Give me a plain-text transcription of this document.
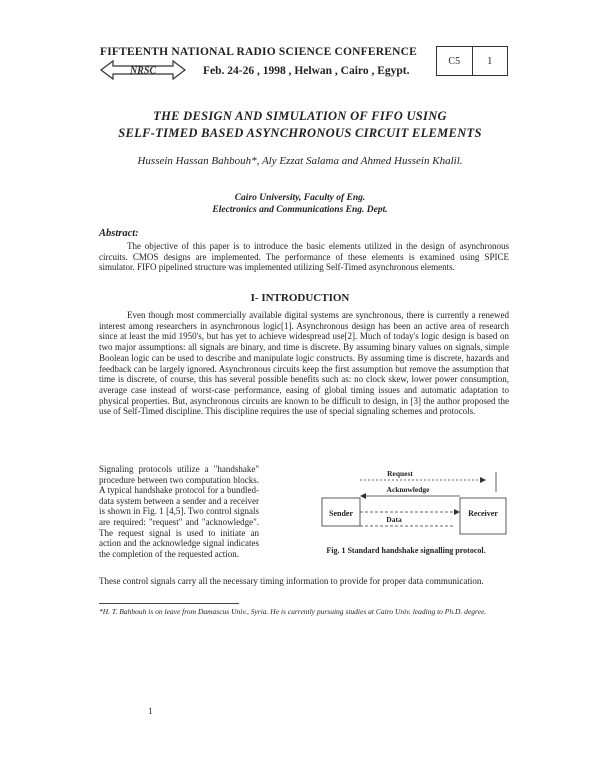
FIFTEENTH NATIONAL RADIO SCIENCE CONFERENCE
NRSC	Feb. 24-26 , 1998 , Helwan , Cairo , Egypt.
C5	1
THE DESIGN AND SIMULATION OF FIFO USING
SELF-TIMED BASED ASYNCHRONOUS CIRCUIT ELEMENTS
Hussein Hassan Bahbouh*, Aly Ezzat Salama and Ahmed Hussein Khalil.
Cairo University, Faculty of Eng.
Electronics and Communications Eng. Dept.
Abstract:
The objective of this paper is to introduce the basic elements utilized in the design of asynchronous circuits. CMOS designs are implemented. The performance of these elements is examined using SPICE simulator. FIFO pipelined structure was implemented utilizing Self-Timed asynchronous elements.
I- INTRODUCTION
Even though most commercially available digital systems are synchronous, there is currently a renewed interest among researchers in asynchronous logic[1]. Asynchronous design has been an active area of research since at least the mid 1950's, but has yet to achieve widespread use[2]. Much of today's logic design is based on two major assumptions: all signals are binary, and time is discrete. By assuming binary values on signals, simple Boolean logic can be used to describe and manipulate logic constructs. By assuming time is discrete, hazards and feedback can be largely ignored. Asynchronous circuits keep the first assumption but remove the assumption that time is discrete, of course, this has several possible benefits such as: no clock skew, lower power consumption, average case instead of worst-case performance, easing of global timing issues and automatic adaptation to physical properties. But, asynchronous circuits are known to be difficult to design, in [3] the author proposed the use of Self-Timed discipline. This discipline requires the use of special signaling schemes and protocols.
Signaling protocols utilize a "handshake" procedure between two computation blocks. A typical handshake protocol for a bundled-data system between a sender and a receiver is shown in Fig. 1 [4,5]. Two control signals are required: "request" and "acknowledge". The request signal is used to initiate an action and the acknowledge signal indicates the completion of the requested action.
Sender	Receiver
Request
Acknowledge
Data
Fig. 1 Standard handshake signalling protocol.
These control signals carry all the necessary timing information to provide for proper data communication.
*H. T. Bahbouh is on leave from Damascus Univ., Syria. He is currently pursuing studies at Cairo Univ. leading to Ph.D. degree.
1
